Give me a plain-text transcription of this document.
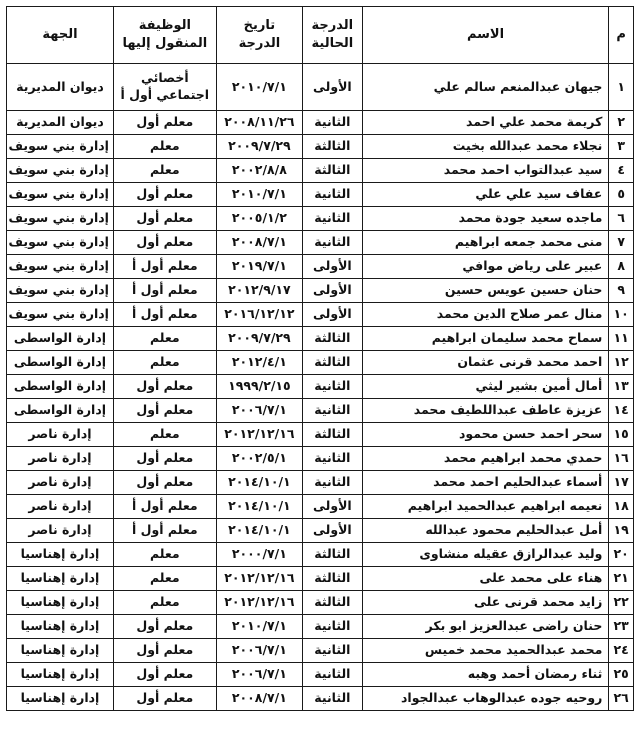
م	الاسم	الدرجة الحالية	تاريخ الدرجة	الوظيفة المنقول إليها	الجهة
١	جيهان عبدالمنعم سالم علي	الأولى	٢٠١٠/٧/١	أخصائي اجتماعي أول أ	ديوان المديرية
٢	كريمة محمد علي احمد	الثانية	٢٠٠٨/١١/٢٦	معلم أول	ديوان المديرية
٣	نجلاء محمد عبدالله بخيت	الثالثة	٢٠٠٩/٧/٢٩	معلم	إدارة بني سويف
٤	سيد عبدالتواب احمد محمد	الثالثة	٢٠٠٢/٨/٨	معلم	إدارة بني سويف
٥	عفاف سيد علي علي	الثانية	٢٠١٠/٧/١	معلم أول	إدارة بني سويف
٦	ماجده سعيد جودة محمد	الثانية	٢٠٠٥/١/٢	معلم أول	إدارة بني سويف
٧	منى محمد جمعه ابراهيم	الثانية	٢٠٠٨/٧/١	معلم أول	إدارة بني سويف
٨	عبير على رياض موافي	الأولى	٢٠١٩/٧/١	معلم أول أ	إدارة بني سويف
٩	حنان حسين عويس حسين	الأولى	٢٠١٢/٩/١٧	معلم أول أ	إدارة بني سويف
١٠	منال عمر صلاح الدين محمد	الأولى	٢٠١٦/١٢/١٢	معلم أول أ	إدارة بني سويف
١١	سماح محمد سليمان ابراهيم	الثالثة	٢٠٠٩/٧/٢٩	معلم	إدارة الواسطى
١٢	احمد محمد قرنى عثمان	الثالثة	٢٠١٢/٤/١	معلم	إدارة الواسطى
١٣	أمال أمين بشير ليثي	الثانية	١٩٩٩/٢/١٥	معلم أول	إدارة الواسطى
١٤	عزيزة عاطف عبداللطيف محمد	الثانية	٢٠٠٦/٧/١	معلم أول	إدارة الواسطى
١٥	سحر احمد حسن محمود	الثالثة	٢٠١٢/١٢/١٦	معلم	إدارة ناصر
١٦	حمدي محمد ابراهيم محمد	الثانية	٢٠٠٢/٥/١	معلم أول	إدارة ناصر
١٧	أسماء عبدالحليم احمد محمد	الثانية	٢٠١٤/١٠/١	معلم أول	إدارة ناصر
١٨	نعيمه ابراهيم عبدالحميد ابراهيم	الأولى	٢٠١٤/١٠/١	معلم أول أ	إدارة ناصر
١٩	أمل عبدالحليم محمود عبدالله	الأولى	٢٠١٤/١٠/١	معلم أول أ	إدارة ناصر
٢٠	وليد عبدالرازق عقيله منشاوى	الثالثة	٢٠٠٠/٧/١	معلم	إدارة إهناسيا
٢١	هناء على محمد على	الثالثة	٢٠١٢/١٢/١٦	معلم	إدارة إهناسيا
٢٢	زايد محمد قرنى على	الثالثة	٢٠١٢/١٢/١٦	معلم	إدارة إهناسيا
٢٣	حنان راضى عبدالعزيز ابو بكر	الثانية	٢٠١٠/٧/١	معلم أول	إدارة إهناسيا
٢٤	محمد عبدالحميد محمد خميس	الثانية	٢٠٠٦/٧/١	معلم أول	إدارة إهناسيا
٢٥	ثناء رمضان أحمد وهبه	الثانية	٢٠٠٦/٧/١	معلم أول	إدارة إهناسيا
٢٦	روحيه جوده عبدالوهاب عبدالجواد	الثانية	٢٠٠٨/٧/١	معلم أول	إدارة إهناسيا
